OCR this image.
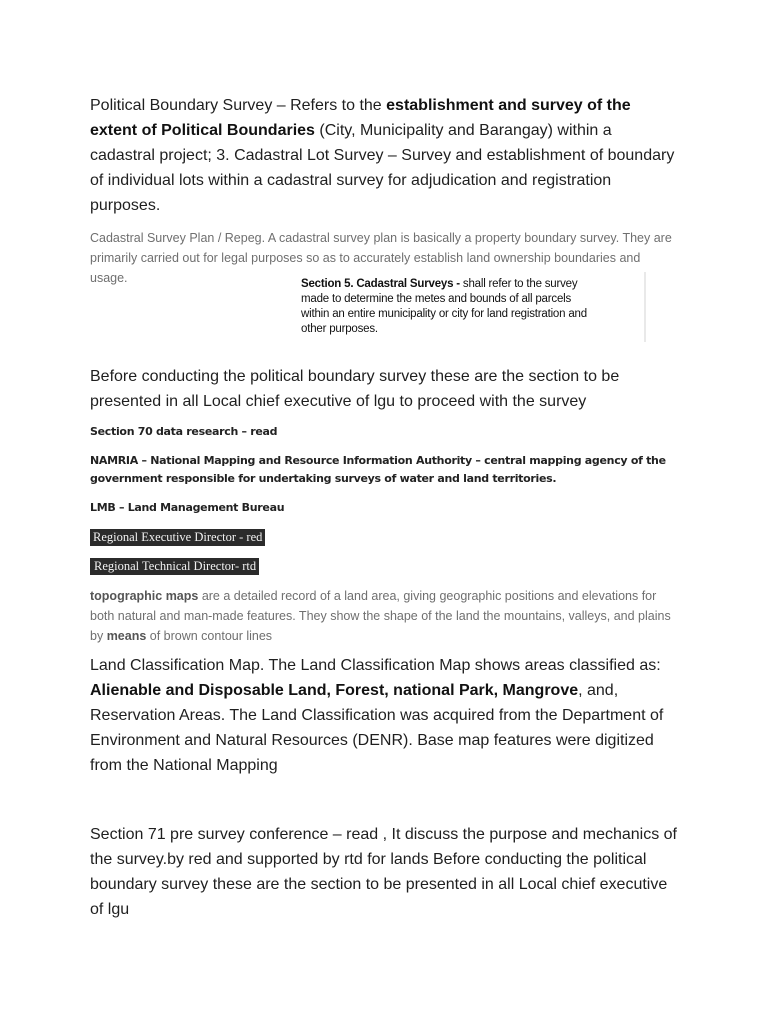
Political Boundary Survey – Refers to the establishment and survey of the extent of Political Boundaries (City, Municipality and Barangay) within a cadastral project; 3. Cadastral Lot Survey – Survey and establishment of boundary of individual lots within a cadastral survey for adjudication and registration purposes.

Cadastral Survey Plan / Repeg. A cadastral survey plan is basically a property boundary survey. They are primarily carried out for legal purposes so as to accurately establish land ownership boundaries and usage.	Section 5. Cadastral Surveys - shall refer to the survey made to determine the metes and bounds of all parcels within an entire municipality or city for land registration and other purposes.

Before conducting the political boundary survey these are the section to be presented in all Local chief executive of lgu to proceed with the survey

Section 70 data research – read

NAMRIA – National Mapping and Resource Information Authority – central mapping agency of the government responsible for undertaking surveys of water and land territories.

LMB – Land Management Bureau

Regional Executive Director - red
Regional Technical Director- rtd

topographic maps are a detailed record of a land area, giving geographic positions and elevations for both natural and man-made features. They show the shape of the land the mountains, valleys, and plains by means of brown contour lines

Land Classification Map. The Land Classification Map shows areas classified as: Alienable and Disposable Land, Forest, national Park, Mangrove, and, Reservation Areas. The Land Classification was acquired from the Department of Environment and Natural Resources (DENR). Base map features were digitized from the National Mapping

Section 71 pre survey conference – read , It discuss the purpose and mechanics of the survey.by red and supported by rtd for lands Before conducting the political boundary survey these are the section to be presented in all Local chief executive of lgu
